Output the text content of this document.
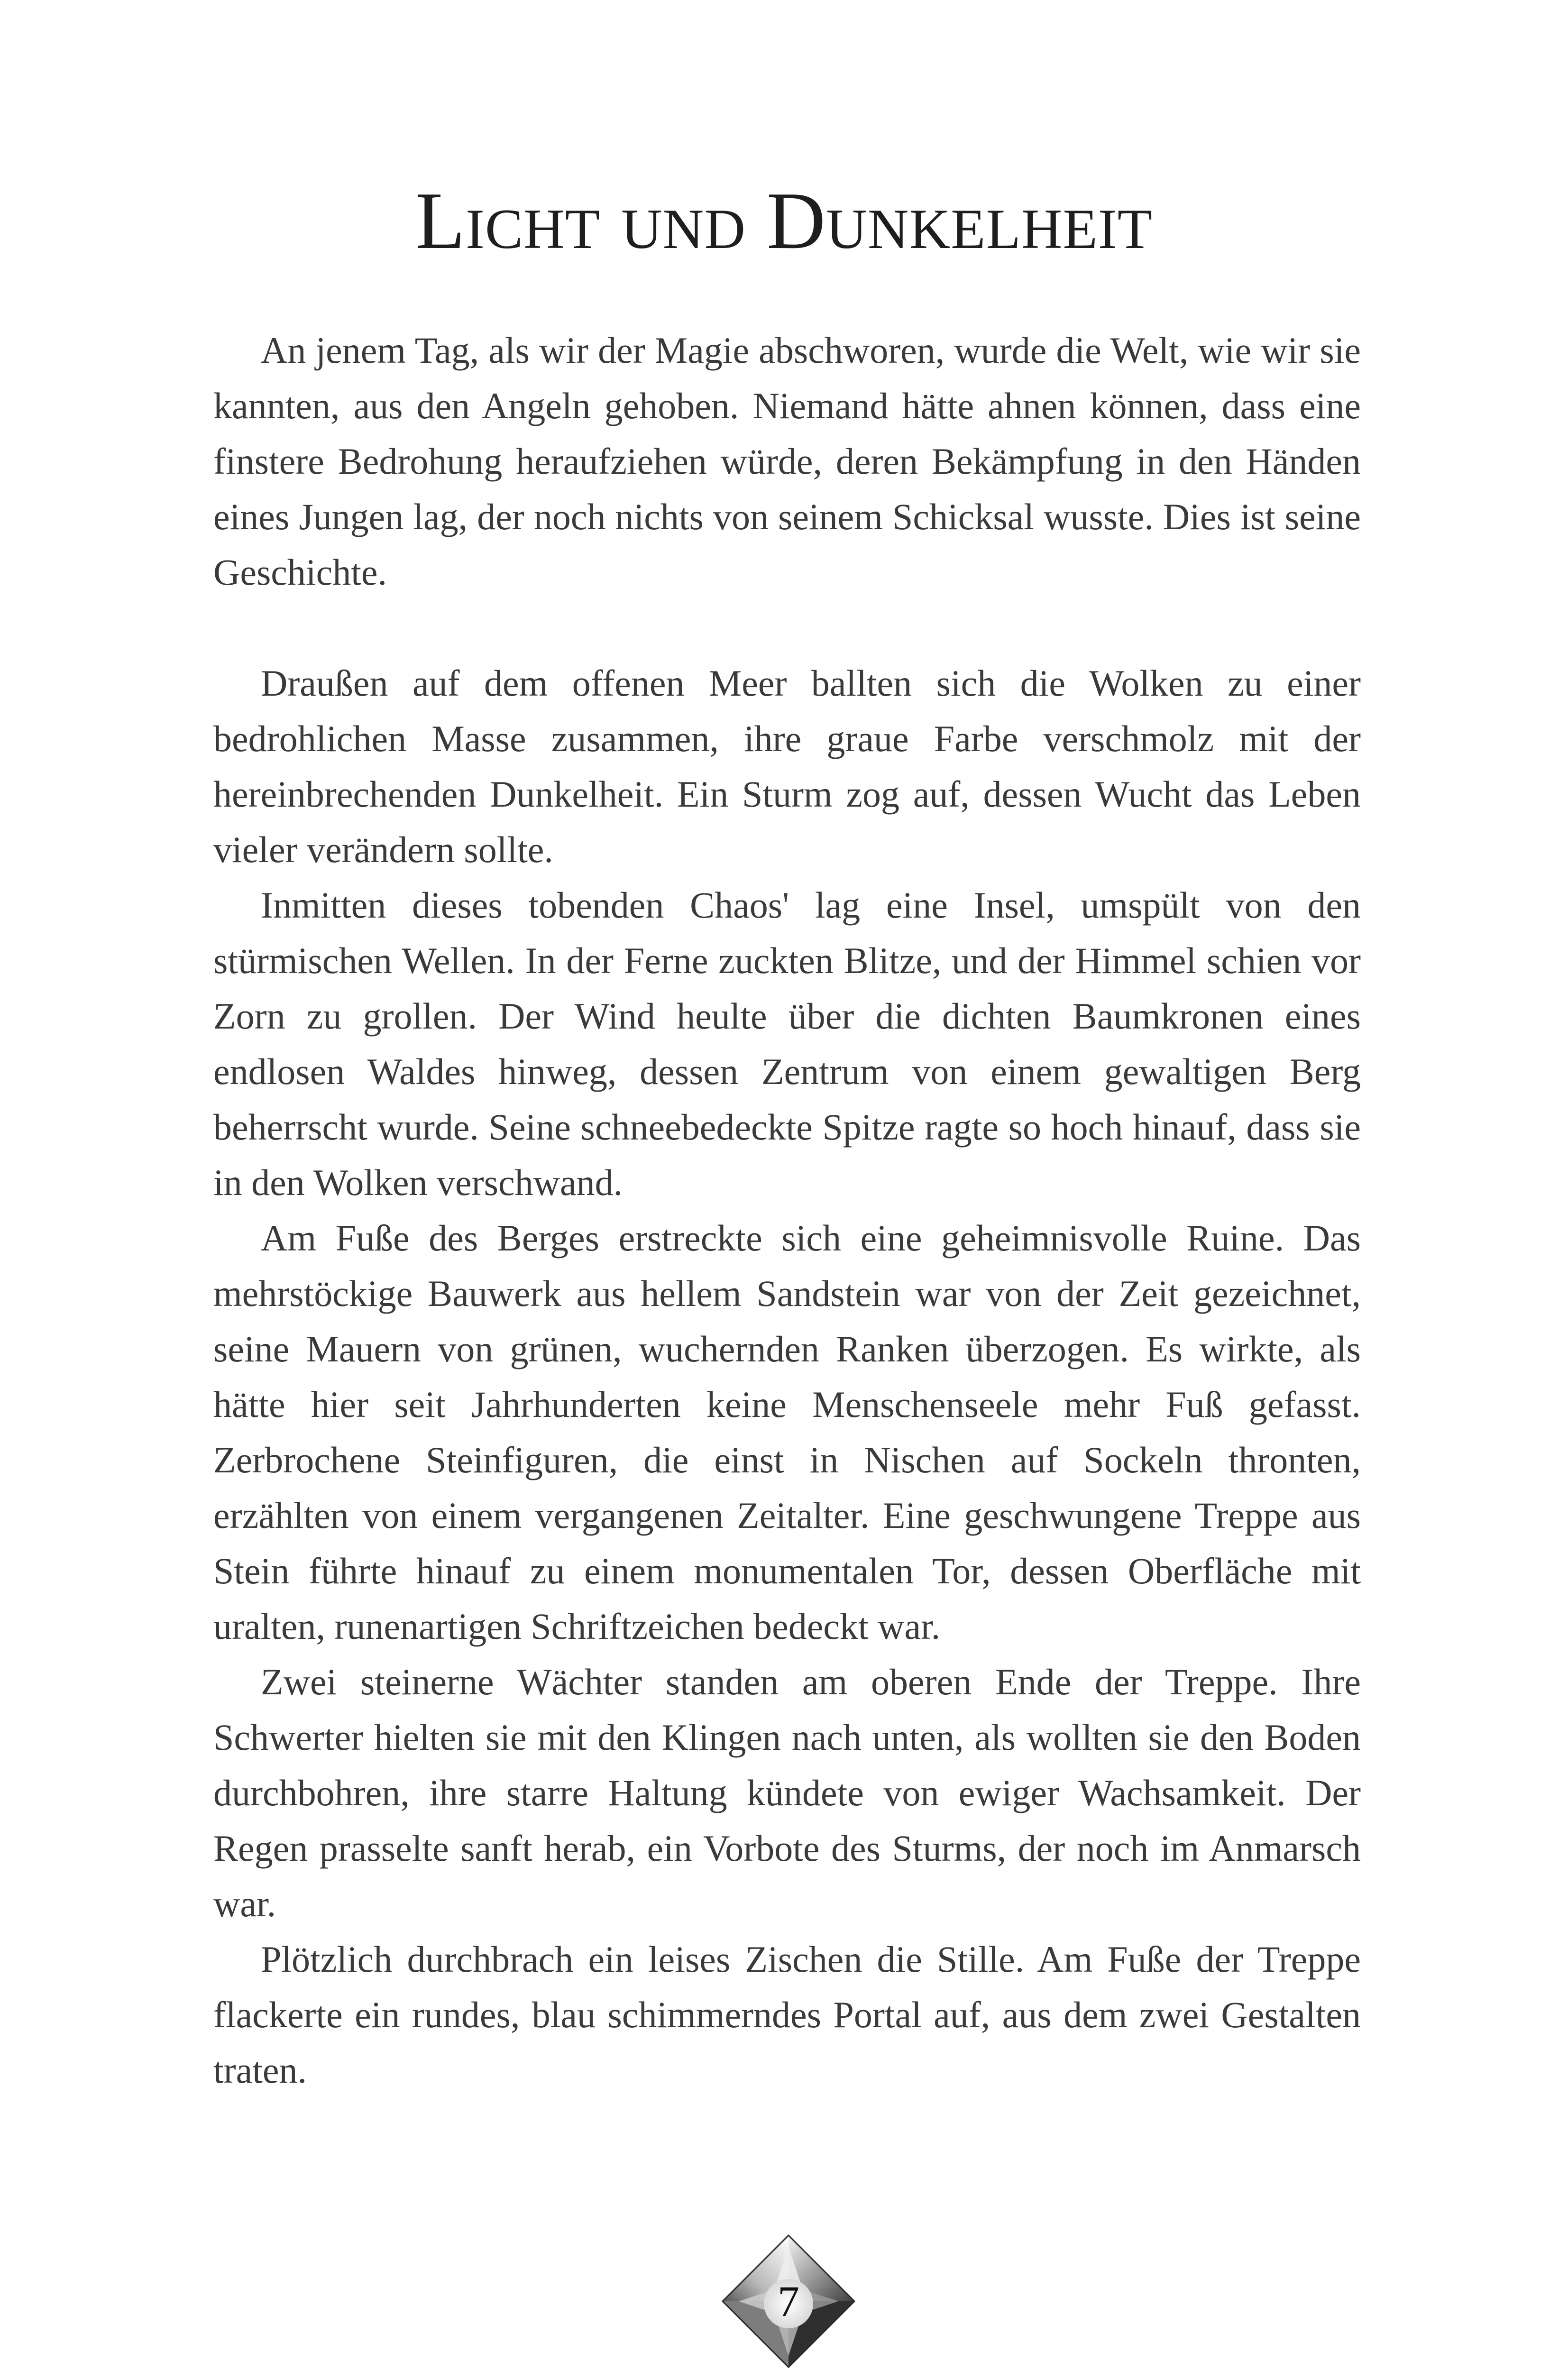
Licht und Dunkelheit

An jenem Tag, als wir der Magie abschworen, wurde die Welt, wie wir sie kannten, aus den Angeln gehoben. Niemand hätte ahnen können, dass eine finstere Bedrohung heraufziehen würde, deren Bekämpfung in den Händen eines Jungen lag, der noch nichts von seinem Schicksal wusste. Dies ist seine Geschichte.

Draußen auf dem offenen Meer ballten sich die Wolken zu einer bedrohlichen Masse zusammen, ihre graue Farbe verschmolz mit der hereinbrechenden Dunkelheit. Ein Sturm zog auf, dessen Wucht das Leben vieler verändern sollte.

Inmitten dieses tobenden Chaos' lag eine Insel, umspült von den stürmischen Wellen. In der Ferne zuckten Blitze, und der Himmel schien vor Zorn zu grollen. Der Wind heulte über die dichten Baumkronen eines endlosen Waldes hinweg, dessen Zentrum von einem gewaltigen Berg beherrscht wurde. Seine schneebedeckte Spitze ragte so hoch hinauf, dass sie in den Wolken verschwand.

Am Fuße des Berges erstreckte sich eine geheimnisvolle Ruine. Das mehrstöckige Bauwerk aus hellem Sandstein war von der Zeit gezeichnet, seine Mauern von grünen, wuchernden Ranken überzogen. Es wirkte, als hätte hier seit Jahrhunderten keine Menschenseele mehr Fuß gefasst. Zerbrochene Steinfiguren, die einst in Nischen auf Sockeln thronten, erzählten von einem vergangenen Zeitalter. Eine geschwungene Treppe aus Stein führte hinauf zu einem monumentalen Tor, dessen Oberfläche mit uralten, runenartigen Schriftzeichen bedeckt war.

Zwei steinerne Wächter standen am oberen Ende der Treppe. Ihre Schwerter hielten sie mit den Klingen nach unten, als wollten sie den Boden durchbohren, ihre starre Haltung kündete von ewiger Wachsamkeit. Der Regen prasselte sanft herab, ein Vorbote des Sturms, der noch im Anmarsch war.

Plötzlich durchbrach ein leises Zischen die Stille. Am Fuße der Treppe flackerte ein rundes, blau schimmerndes Portal auf, aus dem zwei Gestalten traten.

7
